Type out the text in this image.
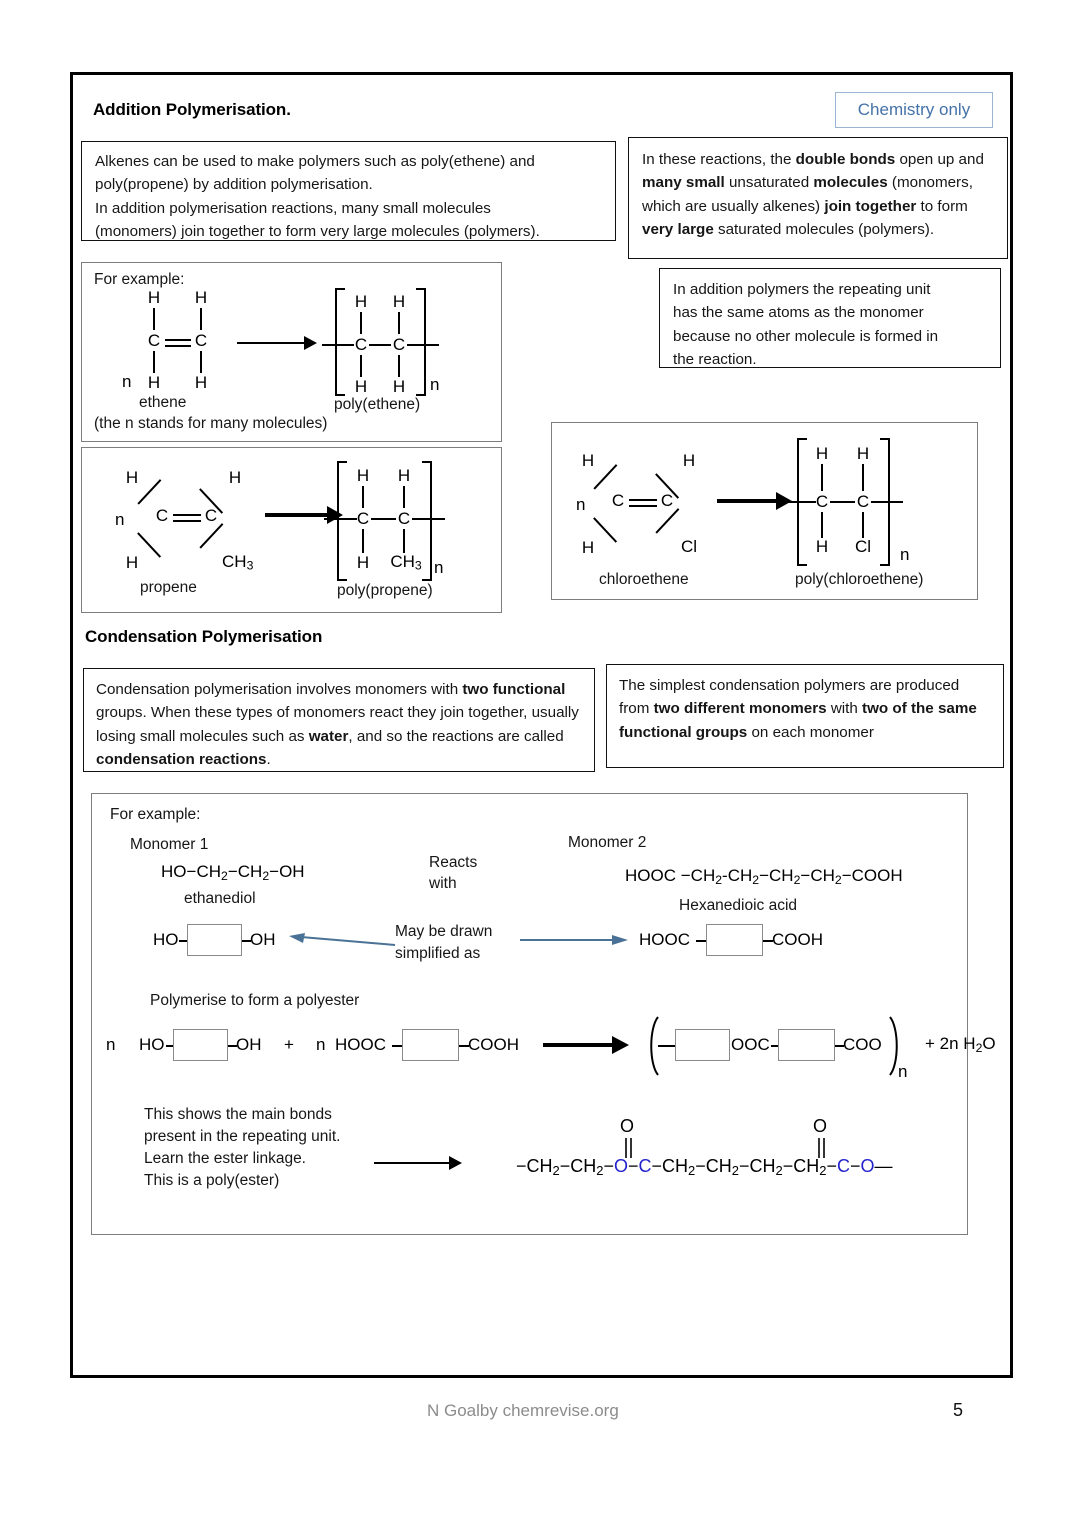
Addition Polymerisation.	Chemistry only
Alkenes can be used to make polymers such as poly(ethene) and
poly(propene) by addition polymerisation.
In addition polymerisation reactions, many small molecules
(monomers) join together to form very large molecules (polymers).
In these reactions, the double bonds open up and many small unsaturated molecules (monomers, which are usually alkenes) join together to form very large saturated molecules (polymers).
In addition polymers the repeating unit
has the same atoms as the monomer
because no other molecule is formed in
the reaction.
For example:
n
H H
C C
H H
ethene
H H
C C
H H n
poly(ethene)
(the n stands for many molecules)
n
H	H
C C
H	$CH_3$
propene
H H
C C
H $CH_3$ n
poly(propene)
n
H	H
C C
H	Cl
chloroethene
H H
C C
H Cl n
poly(chloroethene)
Condensation Polymerisation
Condensation polymerisation involves monomers with two functional groups. When these types of monomers react they join together, usually losing small molecules such as water, and so the reactions are called condensation reactions.
The simplest condensation polymers are produced from two different monomers with two of the same functional groups on each monomer
For example:
Monomer 1	Monomer 2
$HO-CH_2-CH_2-OH$
ethanediol
Reacts
with	HOOC $-CH_2-CH_2-CH_2-CH_2-COOH$
Hexanedioic acid
HO	OH	May be drawn
simplified as
HOOC	COOH
Polymerise to form a polyester
n HO	OH + n HOOC	COOH	OOC	COO
n
+ 2n $H_2O$
This shows the main bonds
present in the repeating unit.
Learn the ester linkage.
This is a poly(ester)
$-CH_2-CH_2-O-C-CH_2-CH_2-CH_2-CH_2-C-O—$
O	O
N Goalby chemrevise.org	5
